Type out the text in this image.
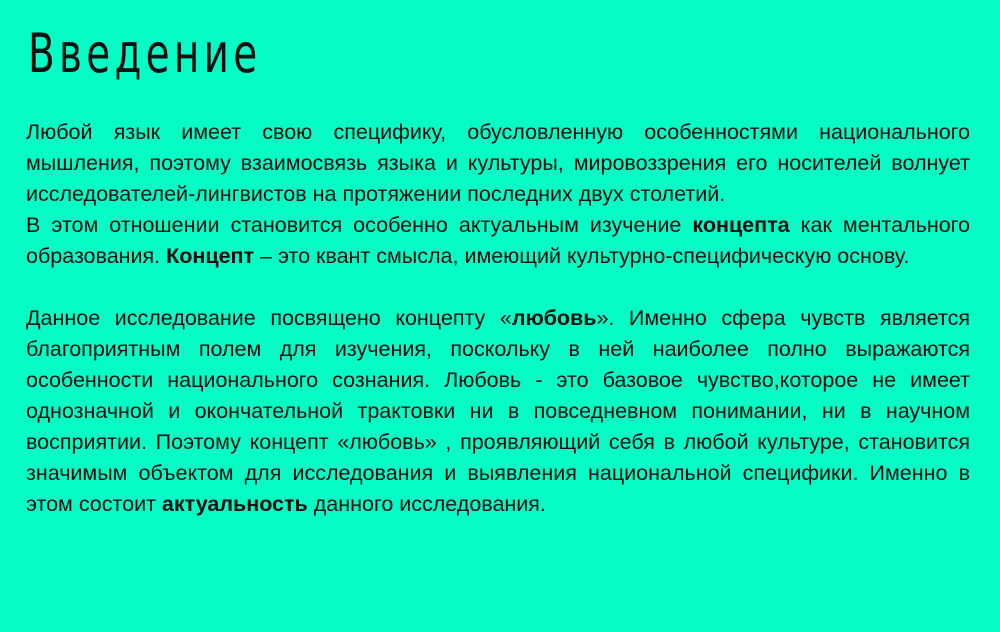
Введение

Любой язык имеет свою специфику, обусловленную особенностями национального мышления, поэтому взаимосвязь языка и культуры, мировоззрения его носителей волнует исследователей-лингвистов на протяжении последних двух столетий.

В этом отношении становится особенно актуальным изучение концепта как ментального образования. Концепт – это квант смысла, имеющий культурно-специфическую основу.

Данное исследование посвящено концепту «любовь». Именно сфера чувств является благоприятным полем для изучения, поскольку в ней наиболее полно выражаются особенности национального сознания. Любовь - это базовое чувство,которое не имеет однозначной и окончательной трактовки ни в повседневном понимании, ни в научном восприятии. Поэтому концепт «любовь» , проявляющий себя в любой культуре, становится значимым объектом для исследования и выявления национальной специфики. Именно в этом состоит актуальность данного исследования.
